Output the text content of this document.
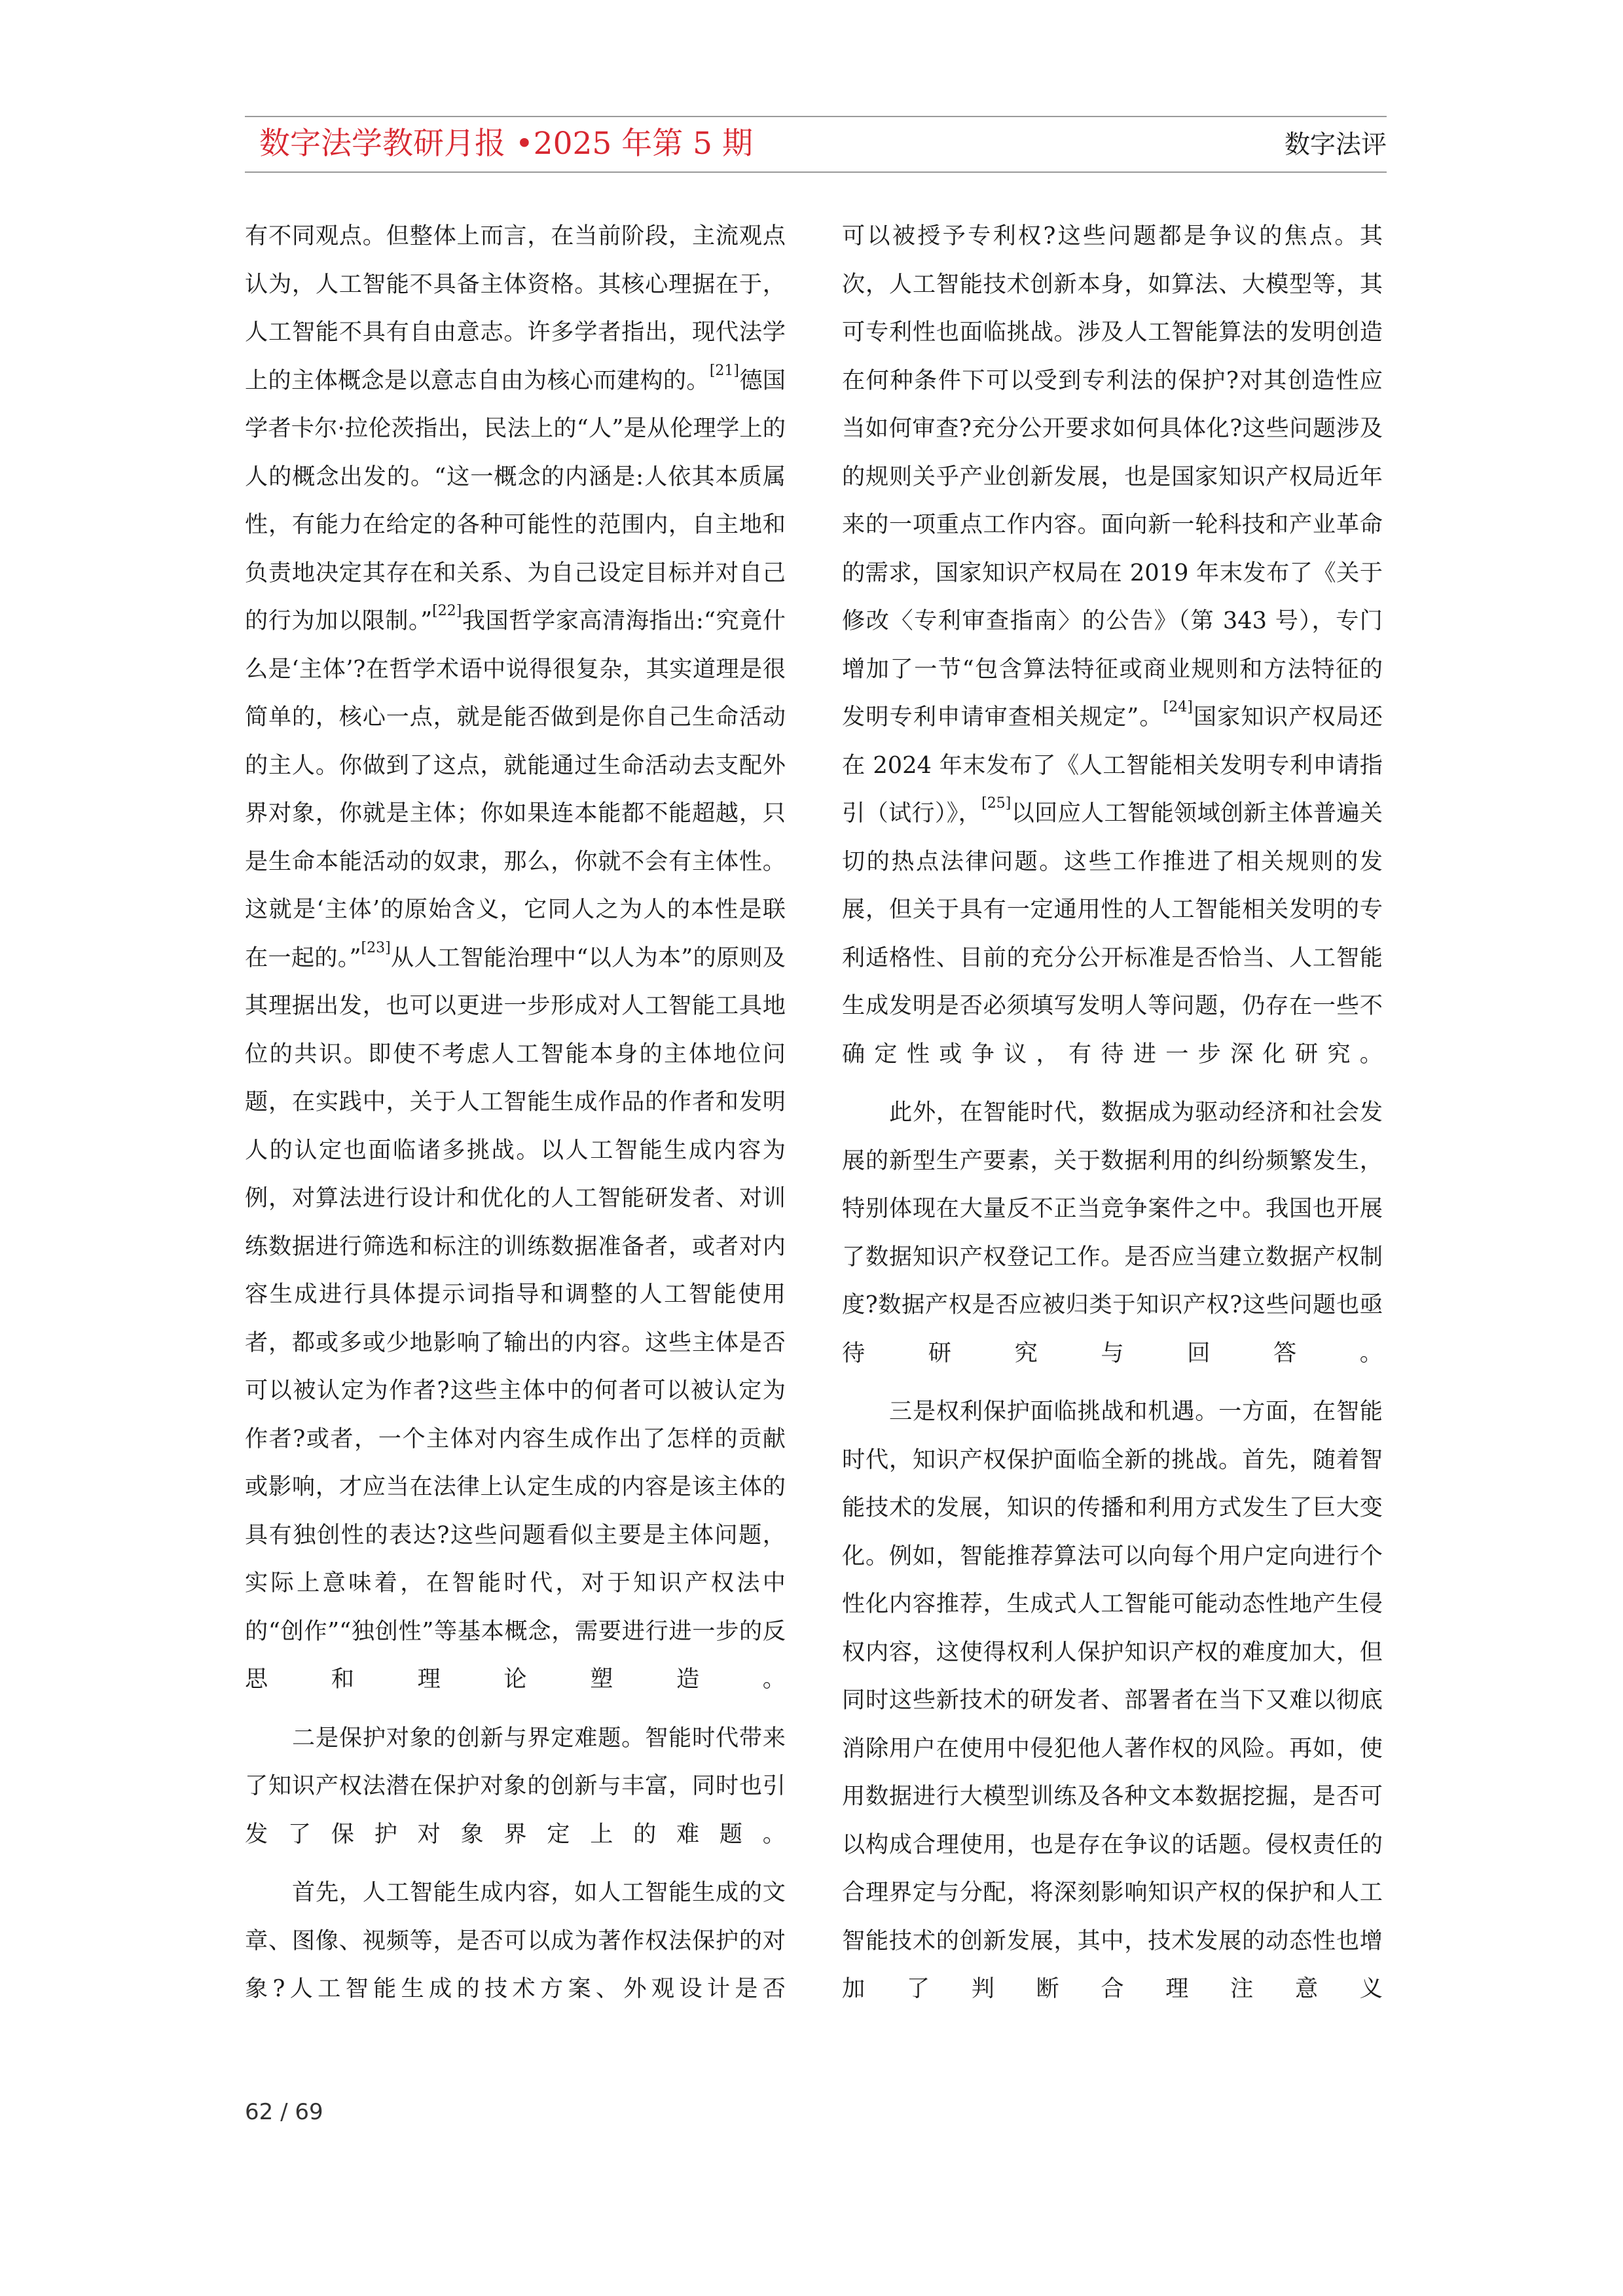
数字法学教研月报 •2025 年第 5 期	数字法评

有不同观点。但整体上而言，在当前阶段，主流观点认为，人工智能不具备主体资格。其核心理据在于，人工智能不具有自由意志。许多学者指出，现代法学上的主体概念是以意志自由为核心而建构的。[21]德国学者卡尔·拉伦茨指出，民法上的“人”是从伦理学上的人的概念出发的。“这一概念的内涵是:人依其本质属性，有能力在给定的各种可能性的范围内，自主地和负责地决定其存在和关系、为自己设定目标并对自己的行为加以限制。”[22]我国哲学家高清海指出:“究竟什么是‘主体’?在哲学术语中说得很复杂，其实道理是很简单的，核心一点，就是能否做到是你自己生命活动的主人。你做到了这点，就能通过生命活动去支配外界对象，你就是主体；你如果连本能都不能超越，只是生命本能活动的奴隶，那么，你就不会有主体性。这就是‘主体’的原始含义，它同人之为人的本性是联在一起的。”[23]从人工智能治理中“以人为本”的原则及其理据出发，也可以更进一步形成对人工智能工具地位的共识。即使不考虑人工智能本身的主体地位问题，在实践中，关于人工智能生成作品的作者和发明人的认定也面临诸多挑战。以人工智能生成内容为例，对算法进行设计和优化的人工智能研发者、对训练数据进行筛选和标注的训练数据准备者，或者对内容生成进行具体提示词指导和调整的人工智能使用者，都或多或少地影响了输出的内容。这些主体是否可以被认定为作者?这些主体中的何者可以被认定为作者?或者，一个主体对内容生成作出了怎样的贡献或影响，才应当在法律上认定生成的内容是该主体的具有独创性的表达?这些问题看似主要是主体问题，实际上意味着，在智能时代，对于知识产权法中的“创作”“独创性”等基本概念，需要进行进一步的反思和理论塑造。

二是保护对象的创新与界定难题。智能时代带来了知识产权法潜在保护对象的创新与丰富，同时也引发了保护对象界定上的难题。

首先，人工智能生成内容，如人工智能生成的文章、图像、视频等，是否可以成为著作权法保护的对象?人工智能生成的技术方案、外观设计是否

可以被授予专利权?这些问题都是争议的焦点。其次，人工智能技术创新本身，如算法、大模型等，其可专利性也面临挑战。涉及人工智能算法的发明创造在何种条件下可以受到专利法的保护?对其创造性应当如何审查?充分公开要求如何具体化?这些问题涉及的规则关乎产业创新发展，也是国家知识产权局近年来的一项重点工作内容。面向新一轮科技和产业革命的需求，国家知识产权局在 2019 年末发布了《关于修改〈专利审查指南〉的公告》（第 343 号），专门增加了一节“包含算法特征或商业规则和方法特征的发明专利申请审查相关规定”。[24]国家知识产权局还在 2024 年末发布了《人工智能相关发明专利申请指引（试行）》，[25]以回应人工智能领域创新主体普遍关切的热点法律问题。这些工作推进了相关规则的发展，但关于具有一定通用性的人工智能相关发明的专利适格性、目前的充分公开标准是否恰当、人工智能生成发明是否必须填写发明人等问题，仍存在一些不确定性或争议，有待进一步深化研究。

此外，在智能时代，数据成为驱动经济和社会发展的新型生产要素，关于数据利用的纠纷频繁发生，特别体现在大量反不正当竞争案件之中。我国也开展了数据知识产权登记工作。是否应当建立数据产权制度?数据产权是否应被归类于知识产权?这些问题也亟待研究与回答。

三是权利保护面临挑战和机遇。一方面，在智能时代，知识产权保护面临全新的挑战。首先，随着智能技术的发展，知识的传播和利用方式发生了巨大变化。例如，智能推荐算法可以向每个用户定向进行个性化内容推荐，生成式人工智能可能动态性地产生侵权内容，这使得权利人保护知识产权的难度加大，但同时这些新技术的研发者、部署者在当下又难以彻底消除用户在使用中侵犯他人著作权的风险。再如，使用数据进行大模型训练及各种文本数据挖掘，是否可以构成合理使用，也是存在争议的话题。侵权责任的合理界定与分配，将深刻影响知识产权的保护和人工智能技术的创新发展，其中，技术发展的动态性也增加了判断合理注意义

62 / 69
